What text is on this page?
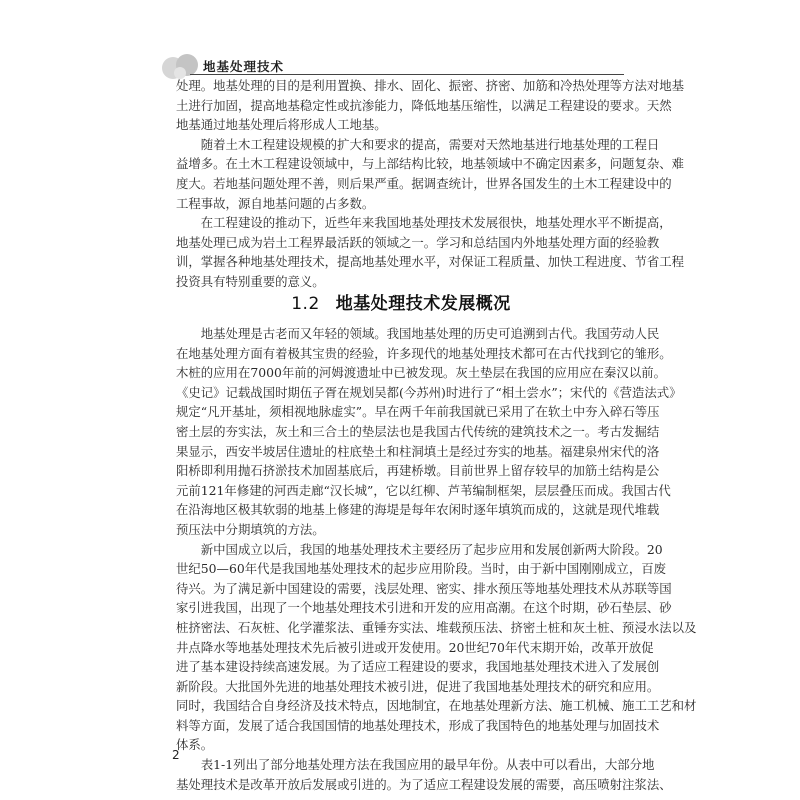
地基处理技术
处理。地基处理的目的是利用置换、排水、固化、振密、挤密、加筋和冷热处理等方法对地基
土进行加固，提高地基稳定性或抗渗能力，降低地基压缩性，以满足工程建设的要求。天然
地基通过地基处理后将形成人工地基。
　　随着土木工程建设规模的扩大和要求的提高，需要对天然地基进行地基处理的工程日
益增多。在土木工程建设领域中，与上部结构比较，地基领域中不确定因素多，问题复杂、难
度大。若地基问题处理不善，则后果严重。据调查统计，世界各国发生的土木工程建设中的
工程事故，源自地基问题的占多数。
　　在工程建设的推动下，近些年来我国地基处理技术发展很快，地基处理水平不断提高，
地基处理已成为岩土工程界最活跃的领域之一。学习和总结国内外地基处理方面的经验教
训，掌握各种地基处理技术，提高地基处理水平，对保证工程质量、加快工程进度、节省工程
投资具有特别重要的意义。
1.2 地基处理技术发展概况
　　地基处理是古老而又年轻的领域。我国地基处理的历史可追溯到古代。我国劳动人民
在地基处理方面有着极其宝贵的经验，许多现代的地基处理技术都可在古代找到它的雏形。
木桩的应用在7000年前的河姆渡遗址中已被发现。灰土垫层在我国的应用应在秦汉以前。
《史记》记载战国时期伍子胥在规划吴都(今苏州)时进行了“相土尝水”；宋代的《营造法式》
规定“凡开基址，须相视地脉虚实”。早在两千年前我国就已采用了在软土中夯入碎石等压
密土层的夯实法，灰土和三合土的垫层法也是我国古代传统的建筑技术之一。考古发掘结
果显示，西安半坡居住遗址的柱底垫土和柱洞填土是经过夯实的地基。福建泉州宋代的洛
阳桥即利用抛石挤淤技术加固基底后，再建桥墩。目前世界上留存较早的加筋土结构是公
元前121年修建的河西走廊“汉长城”，它以红柳、芦苇编制框架，层层叠压而成。我国古代
在沿海地区极其软弱的地基上修建的海堤是每年农闲时逐年填筑而成的，这就是现代堆载
预压法中分期填筑的方法。
　　新中国成立以后，我国的地基处理技术主要经历了起步应用和发展创新两大阶段。20
世纪50—60年代是我国地基处理技术的起步应用阶段。当时，由于新中国刚刚成立，百废
待兴。为了满足新中国建设的需要，浅层处理、密实、排水预压等地基处理技术从苏联等国
家引进我国，出现了一个地基处理技术引进和开发的应用高潮。在这个时期，砂石垫层、砂
桩挤密法、石灰桩、化学灌浆法、重锤夯实法、堆载预压法、挤密土桩和灰土桩、预浸水法以及
井点降水等地基处理技术先后被引进或开发使用。20世纪70年代末期开始，改革开放促
进了基本建设持续高速发展。为了适应工程建设的要求，我国地基处理技术进入了发展创
新阶段。大批国外先进的地基处理技术被引进，促进了我国地基处理技术的研究和应用。
同时，我国结合自身经济及技术特点，因地制宜，在地基处理新方法、施工机械、施工工艺和材
料等方面，发展了适合我国国情的地基处理技术，形成了我国特色的地基处理与加固技术
体系。
　　表1-1列出了部分地基处理方法在我国应用的最早年份。从表中可以看出，大部分地
基处理技术是改革开放后发展或引进的。为了适应工程建设发展的需要，高压喷射注浆法、
2
